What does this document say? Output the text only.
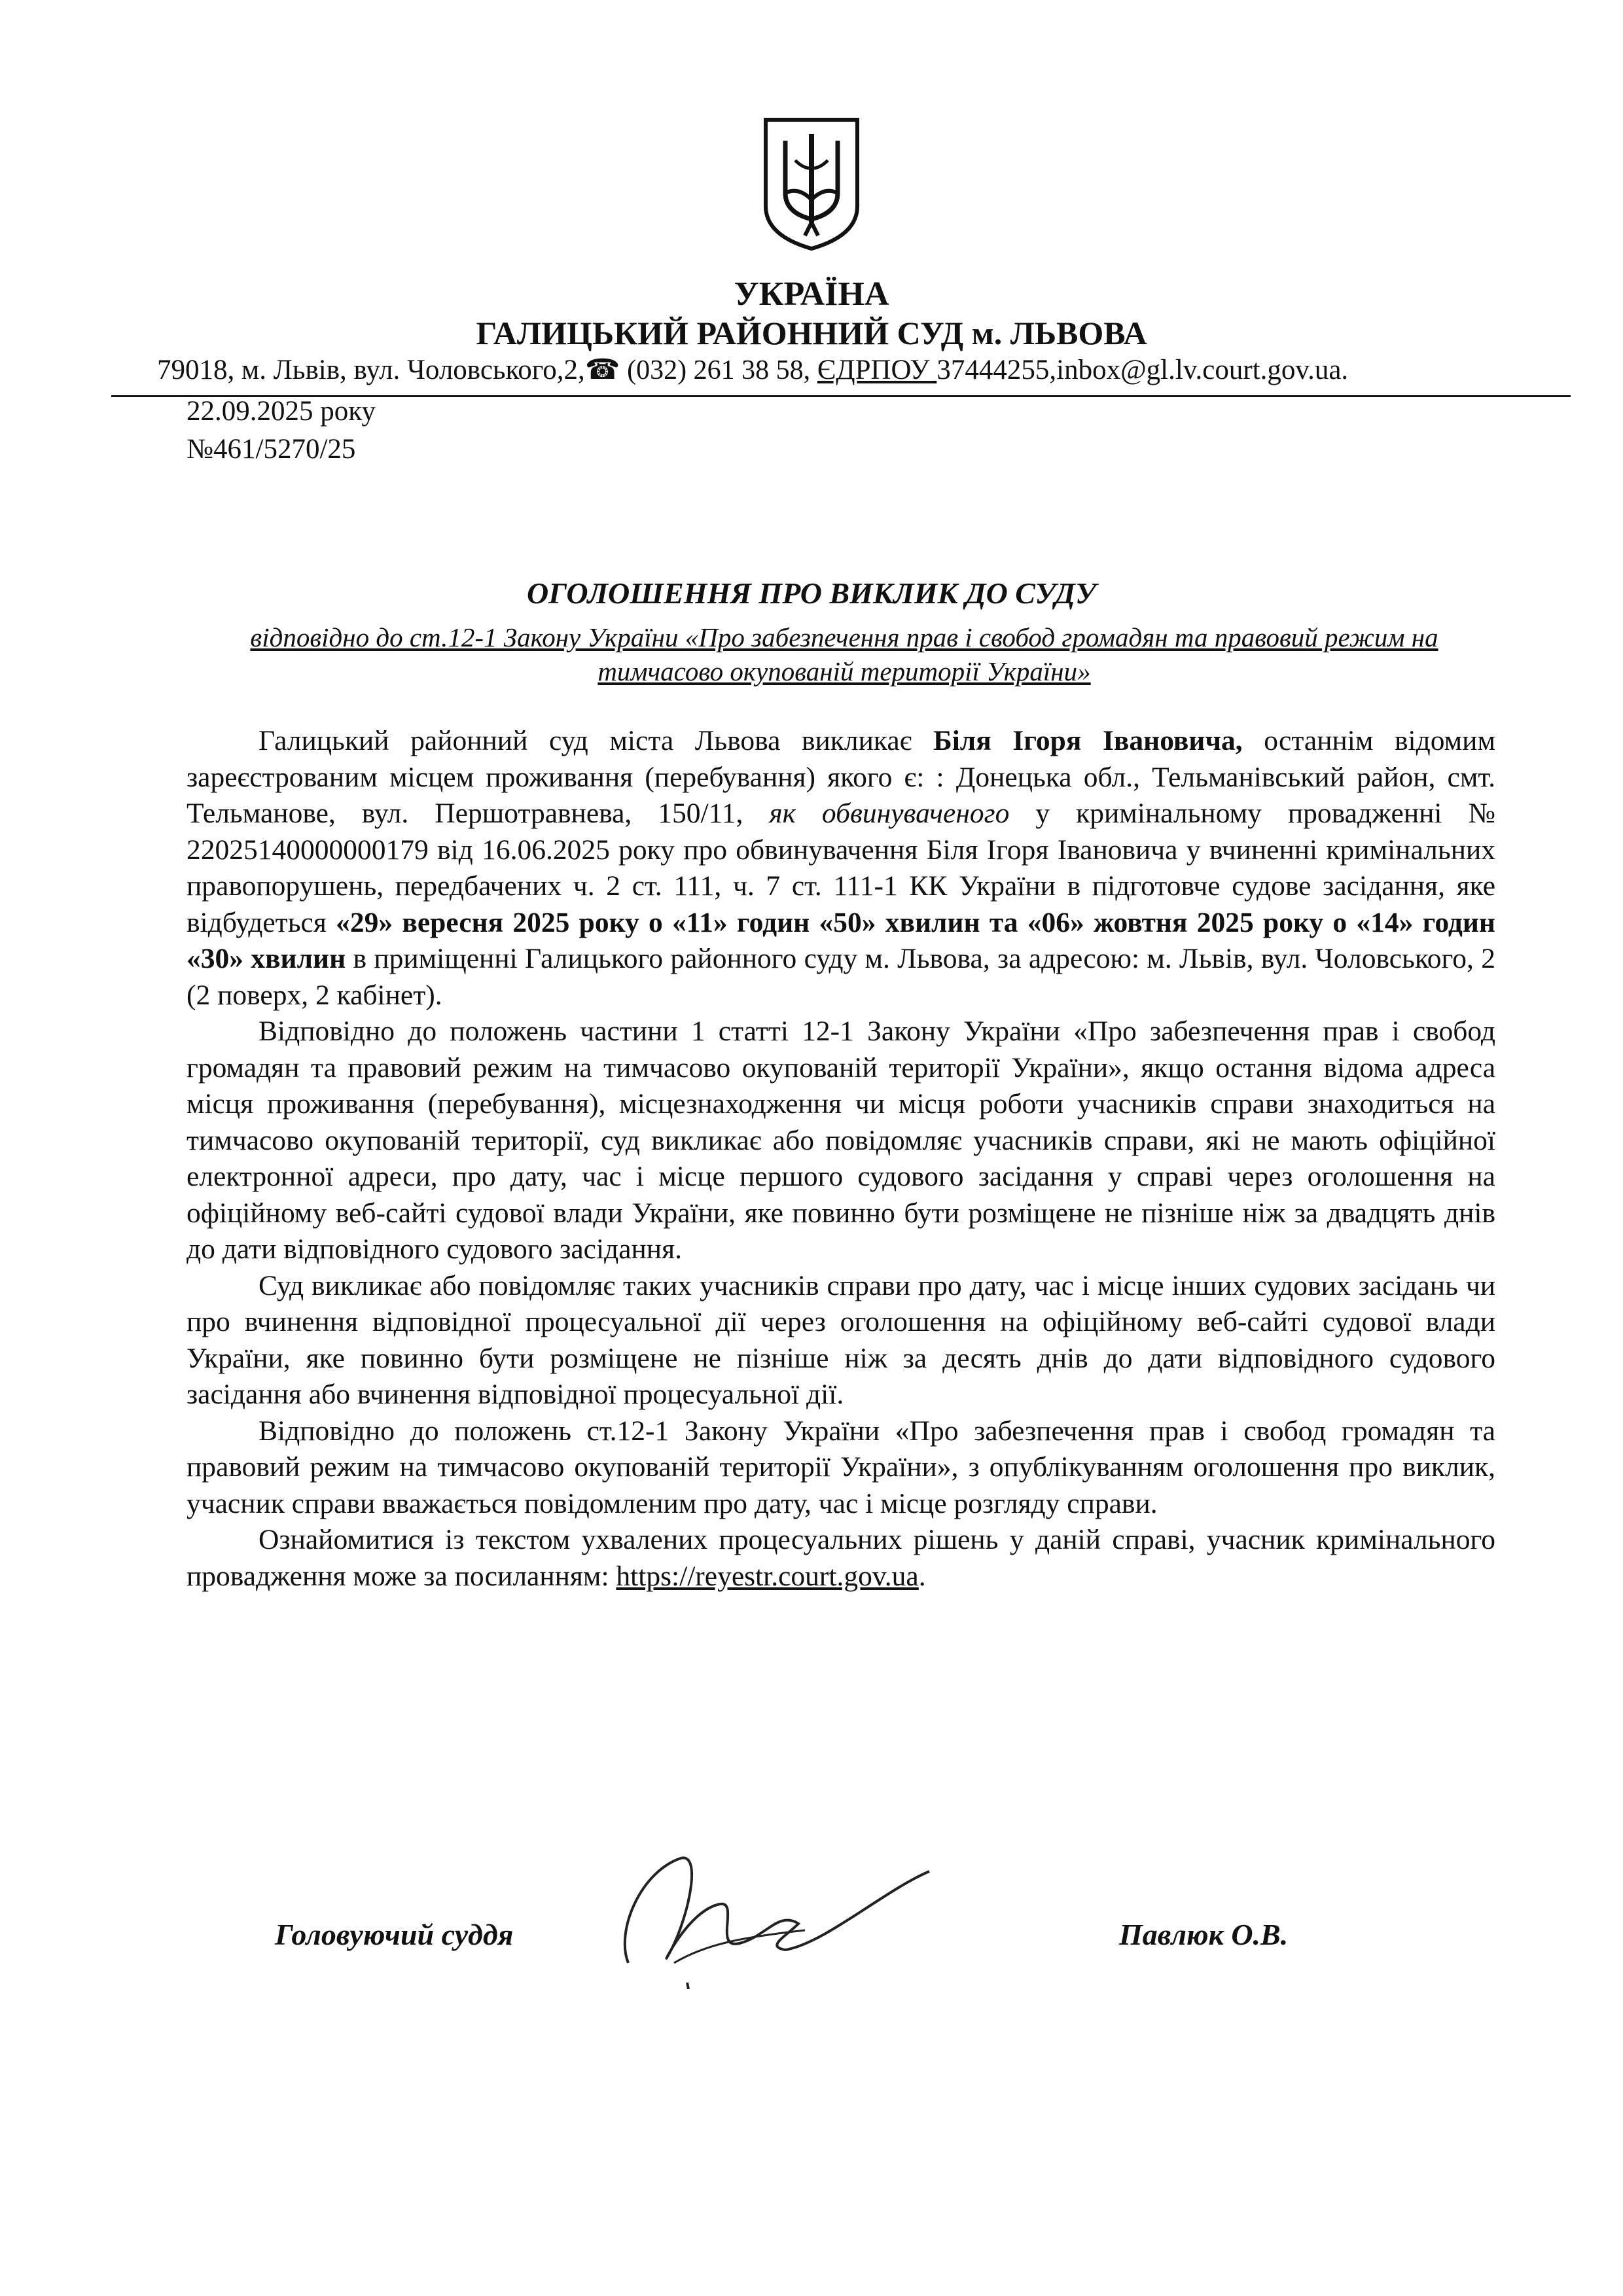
УКРАЇНА
ГАЛИЦЬКИЙ РАЙОННИЙ СУД м. ЛЬВОВА
79018, м. Львів, вул. Чоловського,2,☎ (032) 261 38 58, ЄДРПОУ 37444255,inbox@gl.lv.court.gov.ua.
22.09.2025 року
№461/5270/25
ОГОЛОШЕННЯ ПРО ВИКЛИК ДО СУДУ
відповідно до ст.12-1 Закону України «Про забезпечення прав і свобод громадян та правовий режим на тимчасово окупованій території України»

Галицький районний суд міста Львова викликає Біля Ігоря Івановича, останнім відомим зареєстрованим місцем проживання (перебування) якого є: : Донецька обл., Тельманівський район, смт. Тельманове, вул. Першотравнева, 150/11, як обвинуваченого у кримінальному провадженні № 22025140000000179 від 16.06.2025 року про обвинувачення Біля Ігоря Івановича у вчиненні кримінальних правопорушень, передбачених ч. 2 ст. 111, ч. 7 ст. 111-1 КК України в підготовче судове засідання, яке відбудеться «29» вересня 2025 року о «11» годин «50» хвилин та «06» жовтня 2025 року о «14» годин «30» хвилин в приміщенні Галицького районного суду м. Львова, за адресою: м. Львів, вул. Чоловського, 2 (2 поверх, 2 кабінет).

Відповідно до положень частини 1 статті 12-1 Закону України «Про забезпечення прав і свобод громадян та правовий режим на тимчасово окупованій території України», якщо остання відома адреса місця проживання (перебування), місцезнаходження чи місця роботи учасників справи знаходиться на тимчасово окупованій території, суд викликає або повідомляє учасників справи, які не мають офіційної електронної адреси, про дату, час і місце першого судового засідання у справі через оголошення на офіційному веб-сайті судової влади України, яке повинно бути розміщене не пізніше ніж за двадцять днів до дати відповідного судового засідання.

Суд викликає або повідомляє таких учасників справи про дату, час і місце інших судових засідань чи про вчинення відповідної процесуальної дії через оголошення на офіційному веб-сайті судової влади України, яке повинно бути розміщене не пізніше ніж за десять днів до дати відповідного судового засідання або вчинення відповідної процесуальної дії.

Відповідно до положень ст.12-1 Закону України «Про забезпечення прав і свобод громадян та правовий режим на тимчасово окупованій території України», з опублікуванням оголошення про виклик, учасник справи вважається повідомленим про дату, час і місце розгляду справи.

Ознайомитися із текстом ухвалених процесуальних рішень у даній справі, учасник кримінального провадження може за посиланням: https://reyestr.court.gov.ua.

Головуючий суддя	Павлюк О.В.
